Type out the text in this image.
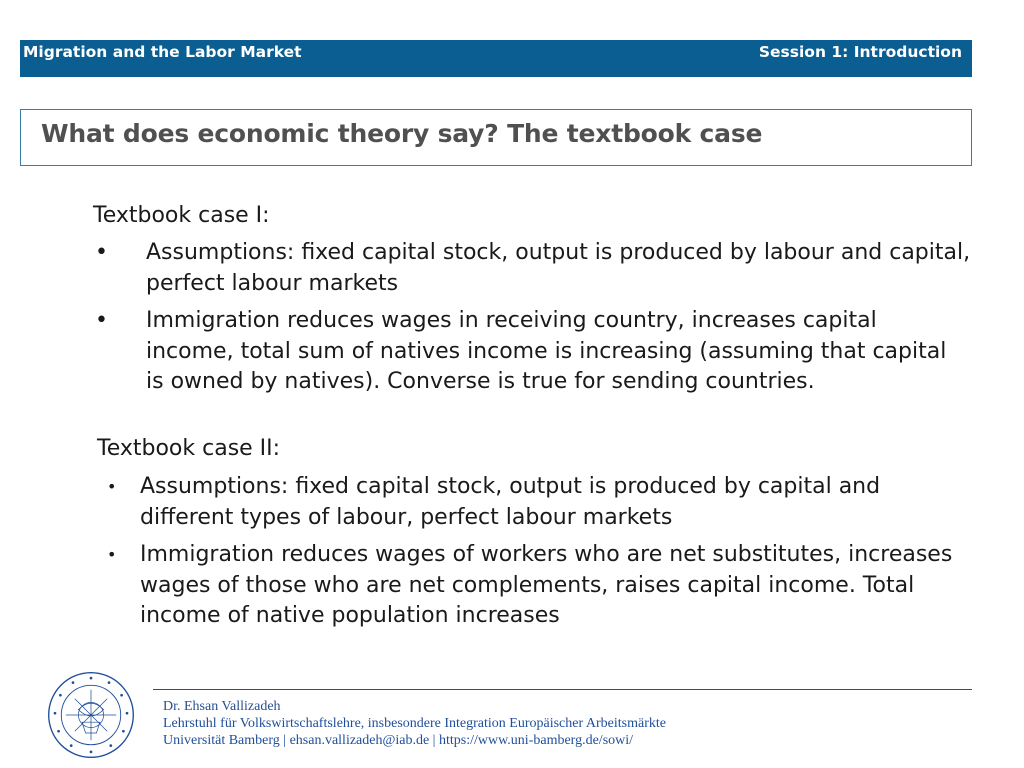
Migration and the Labor Market	Session 1: Introduction
What does economic theory say? The textbook case
Textbook case I:
• Assumptions: fixed capital stock, output is produced by labour and capital, perfect labour markets
• Immigration reduces wages in receiving country, increases capital income, total sum of natives income is increasing (assuming that capital is owned by natives). Converse is true for sending countries.
Textbook case II:
• Assumptions: fixed capital stock, output is produced by capital and different types of labour, perfect labour markets
• Immigration reduces wages of workers who are net substitutes, increases wages of those who are net complements, raises capital income. Total income of native population increases
Dr. Ehsan Vallizadeh
Lehrstuhl für Volkswirtschaftslehre, insbesondere Integration Europäischer Arbeitsmärkte
Universität Bamberg | ehsan.vallizadeh@iab.de | https://www.uni-bamberg.de/sowi/
